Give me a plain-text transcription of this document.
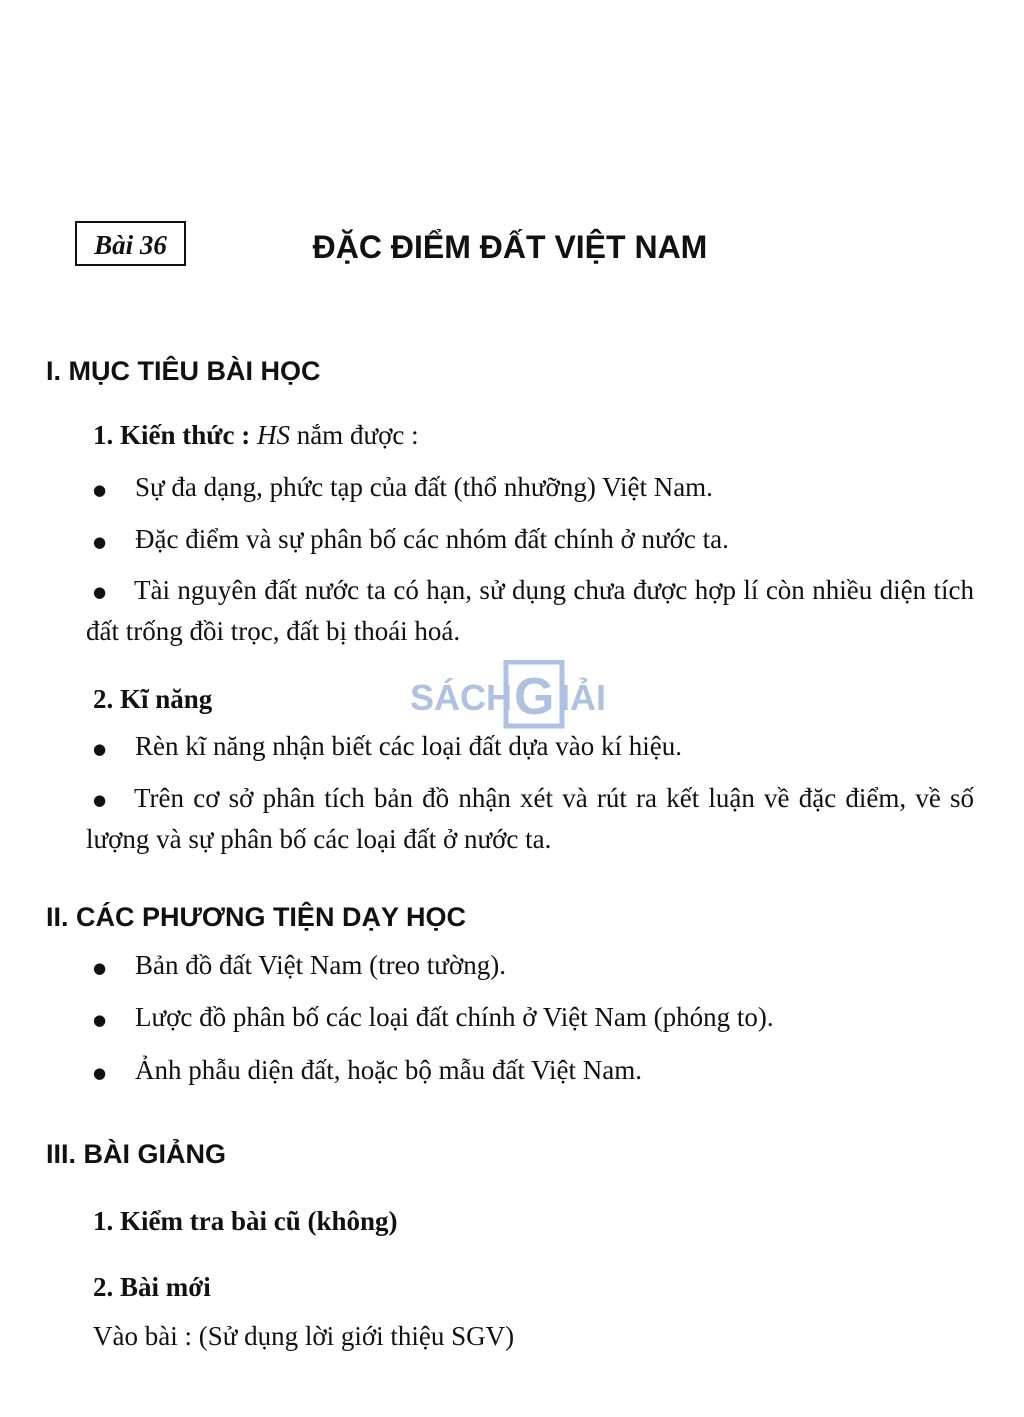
Bài 36	ĐẶC ĐIỂM ĐẤT VIỆT NAM
I. MỤC TIÊU BÀI HỌC
1. Kiến thức : HS nắm được :
● Sự đa dạng, phức tạp của đất (thổ nhưỡng) Việt Nam.
● Đặc điểm và sự phân bố các nhóm đất chính ở nước ta.
● Tài nguyên đất nước ta có hạn, sử dụng chưa được hợp lí còn nhiều diện tích đất trống đồi trọc, đất bị thoái hoá.
2. Kĩ năng
● Rèn kĩ năng nhận biết các loại đất dựa vào kí hiệu.
● Trên cơ sở phân tích bản đồ nhận xét và rút ra kết luận về đặc điểm, về số lượng và sự phân bố các loại đất ở nước ta.
SÁCH G IẢI
II. CÁC PHƯƠNG TIỆN DẠY HỌC
● Bản đồ đất Việt Nam (treo tường).
● Lược đồ phân bố các loại đất chính ở Việt Nam (phóng to).
● Ảnh phẫu diện đất, hoặc bộ mẫu đất Việt Nam.
III. BÀI GIẢNG
1. Kiểm tra bài cũ (không)
2. Bài mới
Vào bài : (Sử dụng lời giới thiệu SGV)
